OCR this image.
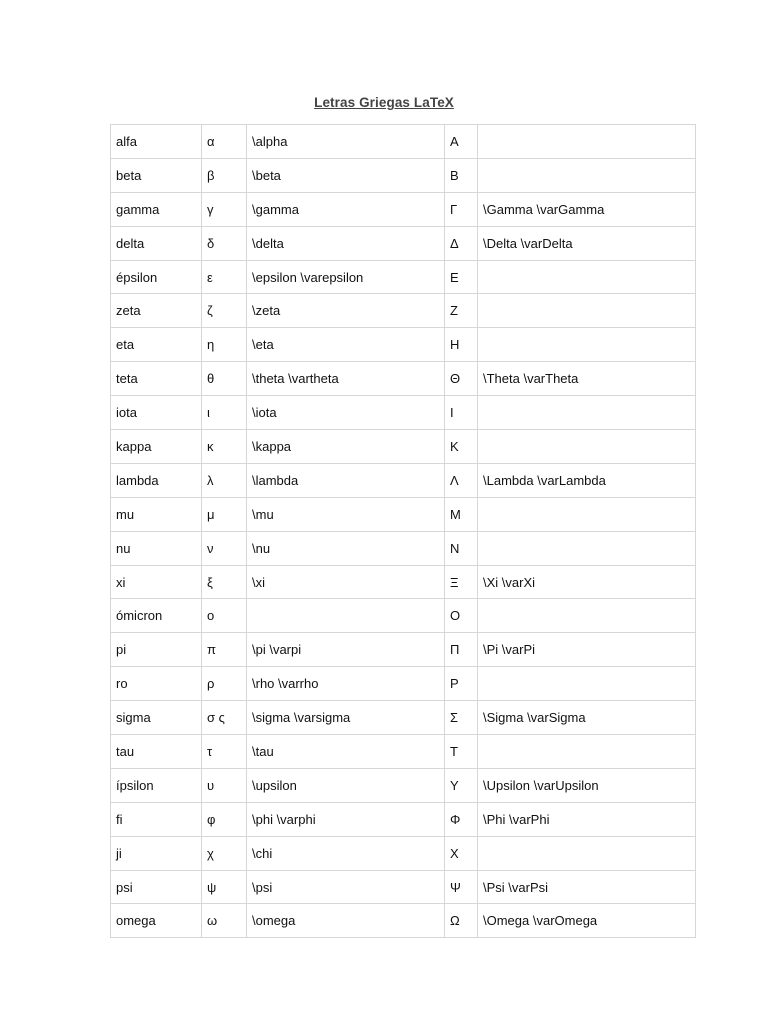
Letras Griegas LaTeX
alfa	α	\alpha	Α	
beta	β	\beta	Β	
gamma	γ	\gamma	Γ	\Gamma \varGamma
delta	δ	\delta	Δ	\Delta \varDelta
épsilon	ε	\epsilon \varepsilon	Ε	
zeta	ζ	\zeta	Ζ	
eta	η	\eta	Η	
teta	θ	\theta \vartheta	Θ	\Theta \varTheta
iota	ι	\iota	Ι	
kappa	κ	\kappa	Κ	
lambda	λ	\lambda	Λ	\Lambda \varLambda
mu	μ	\mu	Μ	
nu	ν	\nu	Ν	
xi	ξ	\xi	Ξ	\Xi \varXi
ómicron	ο		Ο	
pi	π	\pi \varpi	Π	\Pi \varPi
ro	ρ	\rho \varrho	Ρ	
sigma	σ ς	\sigma \varsigma	Σ	\Sigma \varSigma
tau	τ	\tau	Τ	
ípsilon	υ	\upsilon	Υ	\Upsilon \varUpsilon
fi	φ	\phi \varphi	Φ	\Phi \varPhi
ji	χ	\chi	Χ	
psi	ψ	\psi	Ψ	\Psi \varPsi
omega	ω	\omega	Ω	\Omega \varOmega
